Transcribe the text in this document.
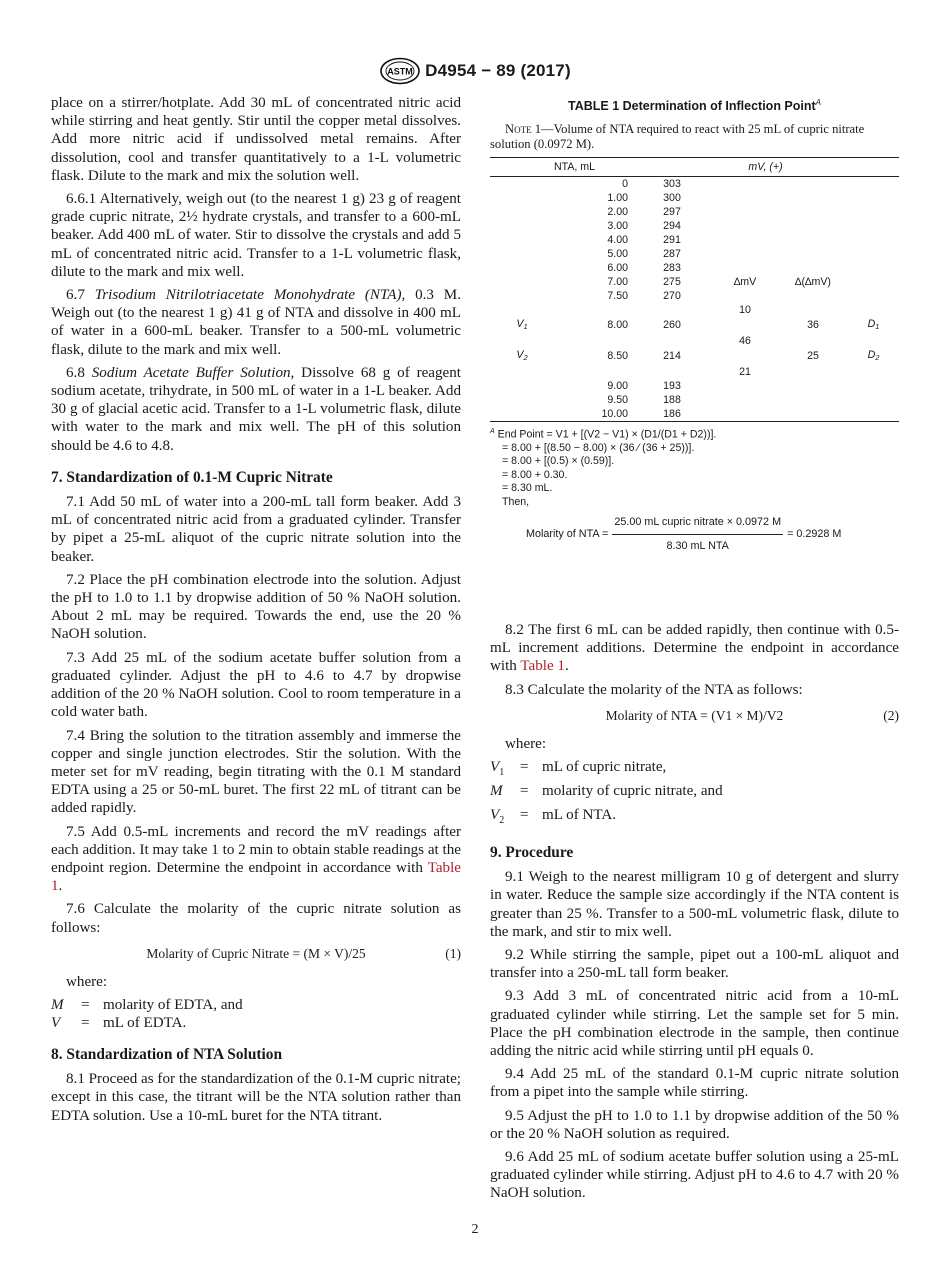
ASTM D4954 − 89 (2017)

place on a stirrer/hotplate. Add 30 mL of concentrated nitric acid while stirring and heat gently. Stir until the copper metal dissolves. Add more nitric acid if undissolved metal remains. After dissolution, cool and transfer quantitatively to a 1-L volumetric flask. Dilute to the mark and mix the solution well.

6.6.1 Alternatively, weigh out (to the nearest 1 g) 23 g of reagent grade cupric nitrate, 2½ hydrate crystals, and transfer to a 600-mL beaker. Add 400 mL of water. Stir to dissolve the crystals and add 5 mL of concentrated nitric acid. Transfer to a 1-L volumetric flask, dilute to the mark and mix well.

6.7 Trisodium Nitrilotriacetate Monohydrate (NTA), 0.3 M. Weigh out (to the nearest 1 g) 41 g of NTA and dissolve in 400 mL of water in a 600-mL beaker. Transfer to a 500-mL volumetric flask, dilute to the mark and mix well.

6.8 Sodium Acetate Buffer Solution, Dissolve 68 g of reagent sodium acetate, trihydrate, in 500 mL of water in a 1-L beaker. Add 30 g of glacial acetic acid. Transfer to a 1-L volumetric flask, dilute with water to the mark and mix well. The pH of this solution should be 4.6 to 4.8.

7. Standardization of 0.1-M Cupric Nitrate

7.1 Add 50 mL of water into a 200-mL tall form beaker. Add 3 mL of concentrated nitric acid from a graduated cylinder. Transfer by pipet a 25-mL aliquot of the cupric nitrate solution into the beaker.

7.2 Place the pH combination electrode into the solution. Adjust the pH to 1.0 to 1.1 by dropwise addition of 50 % NaOH solution. About 2 mL may be required. Towards the end, use the 20 % NaOH solution.

7.3 Add 25 mL of the sodium acetate buffer solution from a graduated cylinder. Adjust the pH to 4.6 to 4.7 by dropwise addition of the 20 % NaOH solution. Cool to room temperature in a cold water bath.

7.4 Bring the solution to the titration assembly and immerse the copper and single junction electrodes. Stir the solution. With the meter set for mV reading, begin titrating with the 0.1 M standard EDTA using a 25 or 50-mL buret. The first 22 mL of titrant can be added rapidly.

7.5 Add 0.5-mL increments and record the mV readings after each addition. It may take 1 to 2 min to obtain stable readings at the endpoint region. Determine the endpoint in accordance with Table 1.

7.6 Calculate the molarity of the cupric nitrate solution as follows:

Molarity of Cupric Nitrate = (M × V)/25	(1)

where:

M	= molarity of EDTA, and
V	= mL of EDTA.
8. Standardization of NTA Solution

8.1 Proceed as for the standardization of the 0.1-M cupric nitrate; except in this case, the titrant will be the NTA solution rather than EDTA solution. Use a 10-mL buret for the NTA titrant.

TABLE 1 Determination of Inflection Point$^A$

Note 1—Volume of NTA required to react with 25 mL of cupric nitrate solution (0.0972 M).

	NTA, mL	mV, (+)			
	0	303			
	1.00	300			
	2.00	297			
	3.00	294			
	4.00	291			
	5.00	287			
	6.00	283			
	7.00	275	∆mV	∆(∆mV)	
	7.50	270			
			10		
$V_1$	8.00	260		36	$D_1$
			46		
$V_2$	8.50	214		25	$D_2$
			21		
	9.00	193			
	9.50	188			
	10.00	186			
$^A$ End Point = V1 + [(V2 − V1) × (D1/(D1 + D2))].
= 8.00 + [(8.50 − 8.00) × (36 ⁄ (36 + 25))].
= 8.00 + [(0.5) × (0.59)].
= 8.00 + 0.30.
= 8.30 mL.
Then,
Molarity of NTA = $\frac{\text{25.00 mL cupric nitrate × 0.0972 M}}{\text{8.30 mL NTA}} = 0.2928$ M

8.2 The first 6 mL can be added rapidly, then continue with 0.5-mL increment additions. Determine the endpoint in accordance with Table 1.

8.3 Calculate the molarity of the NTA as follows:

Molarity of NTA = (V1 × M)/V2	(2)

where:

$V_1$	= mL of cupric nitrate,
M	= molarity of cupric nitrate, and
$V_2$	= mL of NTA.
9. Procedure

9.1 Weigh to the nearest milligram 10 g of detergent and slurry in water. Reduce the sample size accordingly if the NTA content is greater than 25 %. Transfer to a 500-mL volumetric flask, dilute to the mark, and stir to mix well.

9.2 While stirring the sample, pipet out a 100-mL aliquot and transfer into a 250-mL tall form beaker.

9.3 Add 3 mL of concentrated nitric acid from a 10-mL graduated cylinder while stirring. Let the sample set for 5 min. Place the pH combination electrode in the sample, then continue adding the nitric acid while stirring until pH equals 0.

9.4 Add 25 mL of the standard 0.1-M cupric nitrate solution from a pipet into the sample while stirring.

9.5 Adjust the pH to 1.0 to 1.1 by dropwise addition of the 50 % or the 20 % NaOH solution as required.

9.6 Add 25 mL of sodium acetate buffer solution using a 25-mL graduated cylinder while stirring. Adjust pH to 4.6 to 4.7 with 20 % NaOH solution.

2
